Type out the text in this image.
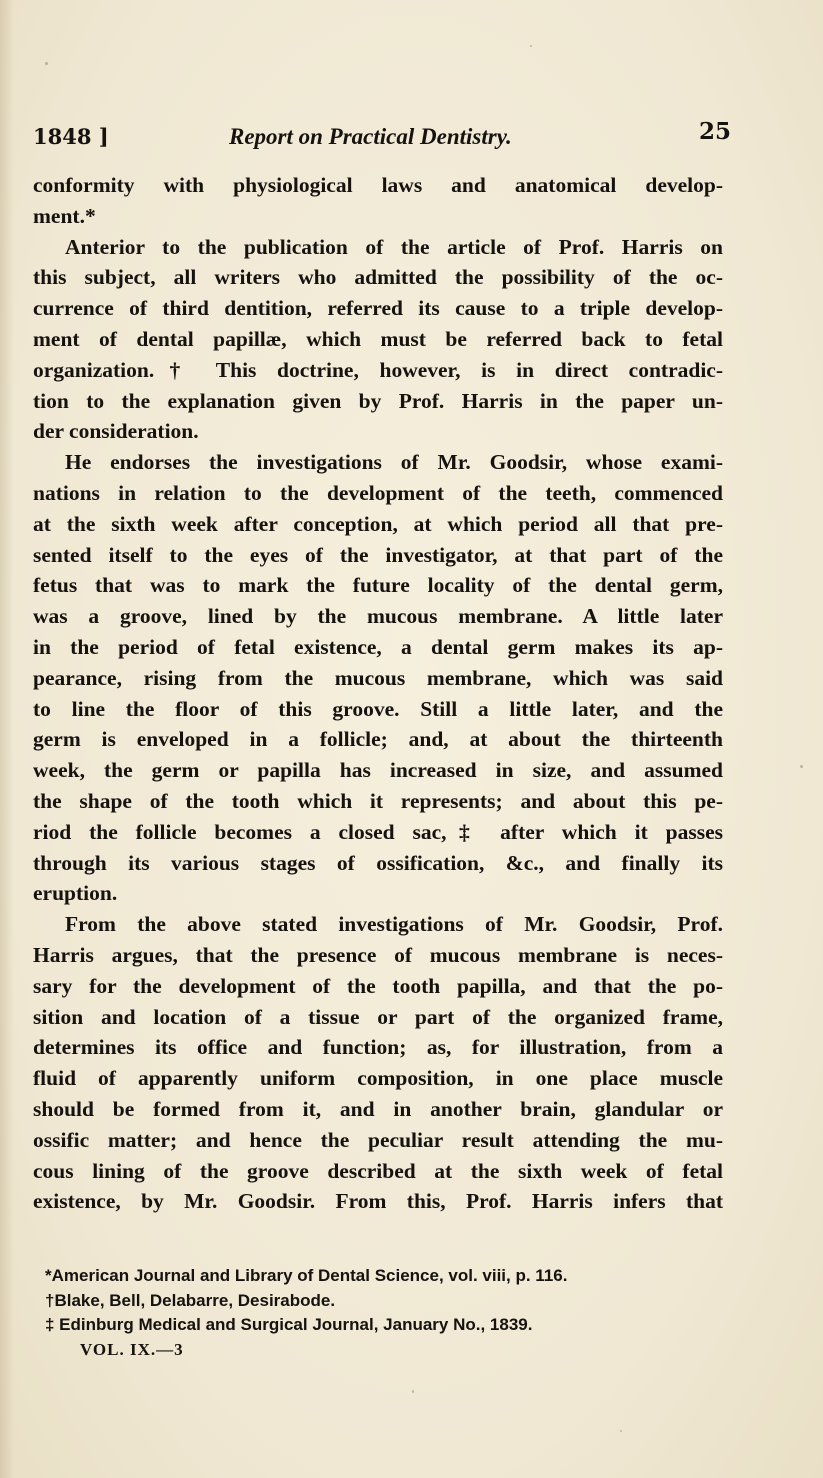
1848 ]	Report on Practical Dentistry.	25
conformity with physiological laws and anatomical develop-
ment.*
Anterior to the publication of the article of Prof. Harris on
this subject, all writers who admitted the possibility of the oc-
currence of third dentition, referred its cause to a triple develop-
ment of dental papillæ, which must be referred back to fetal
organization.† This doctrine, however, is in direct contradic-
tion to the explanation given by Prof. Harris in the paper un-
der consideration.
He endorses the investigations of Mr. Goodsir, whose exami-
nations in relation to the development of the teeth, commenced
at the sixth week after conception, at which period all that pre-
sented itself to the eyes of the investigator, at that part of the
fetus that was to mark the future locality of the dental germ,
was a groove, lined by the mucous membrane. A little later
in the period of fetal existence, a dental germ makes its ap-
pearance, rising from the mucous membrane, which was said
to line the floor of this groove. Still a little later, and the
germ is enveloped in a follicle; and, at about the thirteenth
week, the germ or papilla has increased in size, and assumed
the shape of the tooth which it represents; and about this pe-
riod the follicle becomes a closed sac,‡ after which it passes
through its various stages of ossification, &c., and finally its
eruption.
From the above stated investigations of Mr. Goodsir, Prof.
Harris argues, that the presence of mucous membrane is neces-
sary for the development of the tooth papilla, and that the po-
sition and location of a tissue or part of the organized frame,
determines its office and function; as, for illustration, from a
fluid of apparently uniform composition, in one place muscle
should be formed from it, and in another brain, glandular or
ossific matter; and hence the peculiar result attending the mu-
cous lining of the groove described at the sixth week of fetal
existence, by Mr. Goodsir. From this, Prof. Harris infers that
*American Journal and Library of Dental Science, vol. viii, p. 116.
†Blake, Bell, Delabarre, Desirabode.
‡ Edinburg Medical and Surgical Journal, January No., 1839.
VOL. IX.—3
